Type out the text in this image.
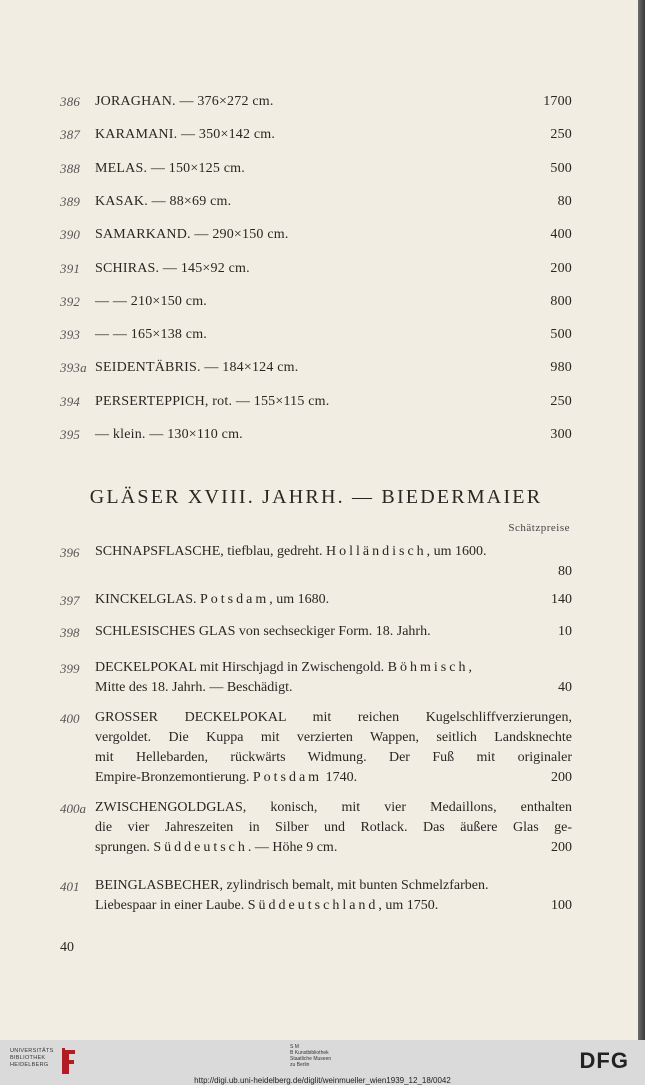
386 JORAGHAN. — 376×272 cm.	1700
387 KARAMANI. — 350×142 cm.	250
388 MELAS. — 150×125 cm.	500
389 KASAK. — 88×69 cm.	80
390 SAMARKAND. — 290×150 cm.	400
391 SCHIRAS. — 145×92 cm.	200
392 — — 210×150 cm.	800
393 — — 165×138 cm.	500
393a SEIDENTÄBRIS. — 184×124 cm.	980
394 PERSERTEPPICH, rot. — 155×115 cm.	250
395 — klein. — 130×110 cm.	300
GLÄSER XVIII. JAHRH. — BIEDERMAIER
Schätzpreise
396 SCHNAPSFLASCHE, tiefblau, gedreht. Holländisch, um 1600.
80
397 KINCKELGLAS. Potsdam, um 1680.	140
398 SCHLESISCHES GLAS von sechseckiger Form. 18. Jahrh.	10
399 DECKELPOKAL mit Hirschjagd in Zwischengold. Böhmisch,
Mitte des 18. Jahrh. — Beschädigt.	40
400 GROSSER DECKELPOKAL mit reichen Kugelschliffverzierungen,
vergoldet. Die Kuppa mit verzierten Wappen, seitlich Landsknechte
mit Hellebarden, rückwärts Widmung. Der Fuß mit originaler
Empire-Bronzemontierung. Potsdam 1740.	200
400a ZWISCHENGOLDGLAS, konisch, mit vier Medaillons, enthalten
die vier Jahreszeiten in Silber und Rotlack. Das äußere Glas ge-
sprungen. Süddeutsch. — Höhe 9 cm.	200
401 BEINGLASBECHER, zylindrisch bemalt, mit bunten Schmelzfarben.
Liebespaar in einer Laube. Süddeutschland, um 1750.	100
40
UNIVERSITÄTS
BIBLIOTHEK
HEIDELBERG
S M
B Kunstbibliothek
Staatliche Museen
zu Berlin	DFG
http://digi.ub.uni-heidelberg.de/diglit/weinmueller_wien1939_12_18/0042
